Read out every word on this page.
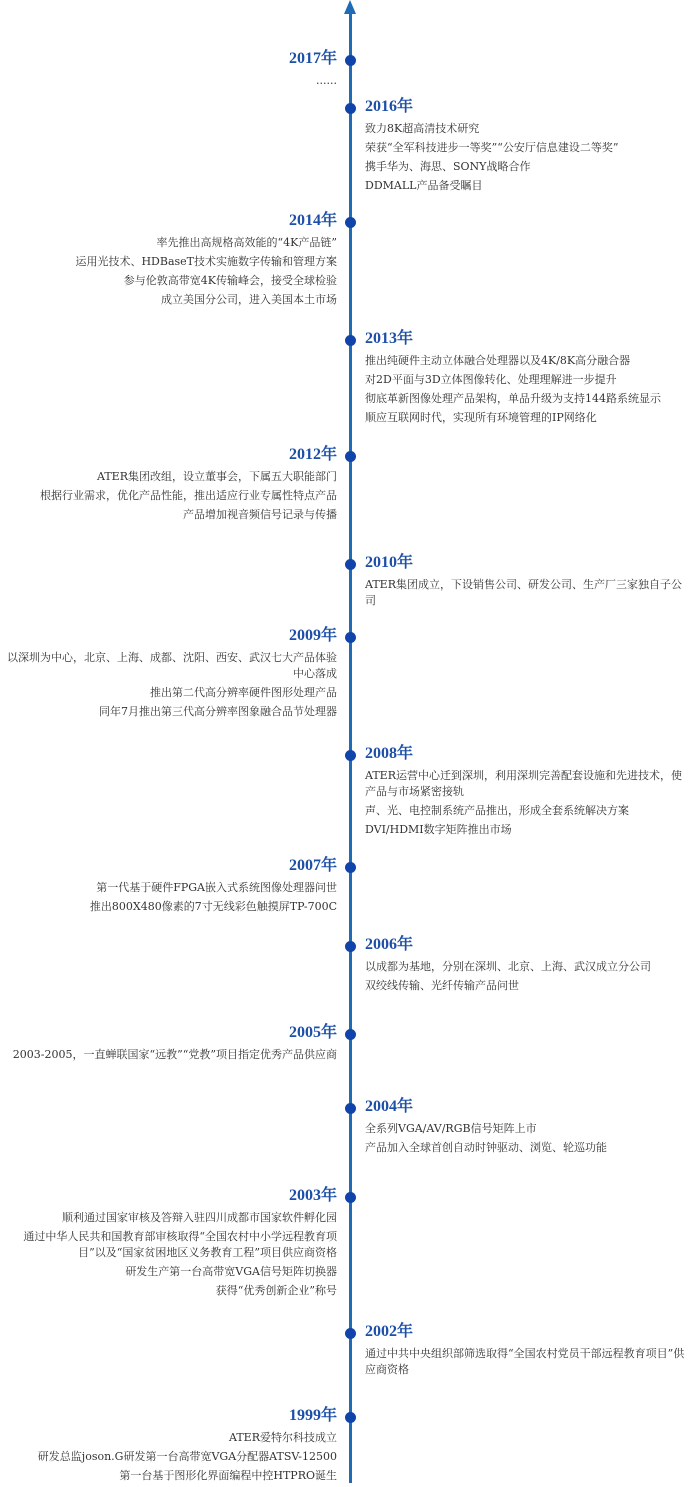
2017年
......
2016年
致力8K超高清技术研究
荣获“全军科技进步一等奖”“公安厅信息建设二等奖”
携手华为、海思、SONY战略合作
DDMALL产品备受瞩目
2014年
率先推出高规格高效能的“4K产品链”
运用光技术、HDBaseT技术实施数字传输和管理方案
参与伦敦高带宽4K传输峰会，接受全球检验
成立美国分公司，进入美国本土市场
2013年
推出纯硬件主动立体融合处理器以及4K/8K高分融合器
对2D平面与3D立体图像转化、处理理解进一步提升
彻底革新图像处理产品架构，单品升级为支持144路系统显示
顺应互联网时代，实现所有环境管理的IP网络化
2012年
ATER集团改组，设立董事会，下属五大职能部门
根据行业需求，优化产品性能，推出适应行业专属性特点产品
产品增加视音频信号记录与传播
2010年
ATER集团成立，下设销售公司、研发公司、生产厂三家独自子公司
2009年
以深圳为中心，北京、上海、成都、沈阳、西安、武汉七大产品体验中心落成
推出第二代高分辨率硬件图形处理产品
同年7月推出第三代高分辨率图象融合品节处理器
2008年
ATER运营中心迁到深圳，利用深圳完善配套设施和先进技术，使产品与市场紧密接轨
声、光、电控制系统产品推出，形成全套系统解决方案
DVI/HDMI数字矩阵推出市场
2007年
第一代基于硬件FPGA嵌入式系统图像处理器问世
推出800X480像素的7寸无线彩色触摸屏TP-700C
2006年
以成都为基地，分别在深圳、北京、上海、武汉成立分公司
双绞线传输、光纤传输产品问世
2005年
2003-2005，一直蝉联国家“远教”“党教”项目指定优秀产品供应商
2004年
全系列VGA/AV/RGB信号矩阵上市
产品加入全球首创自动时钟驱动、浏览、轮巡功能
2003年
顺利通过国家审核及答辩入驻四川成都市国家软件孵化园
通过中华人民共和国教育部审核取得“全国农村中小学远程教育项目”以及“国家贫困地区义务教育工程”项目供应商资格
研发生产第一台高带宽VGA信号矩阵切换器
获得“优秀创新企业”称号
2002年
通过中共中央组织部筛选取得“全国农村党员干部远程教育项目”供应商资格
1999年
ATER爱特尔科技成立
研发总监joson.G研发第一台高带宽VGA分配器ATSV-12500
第一台基于图形化界面编程中控HTPRO诞生
